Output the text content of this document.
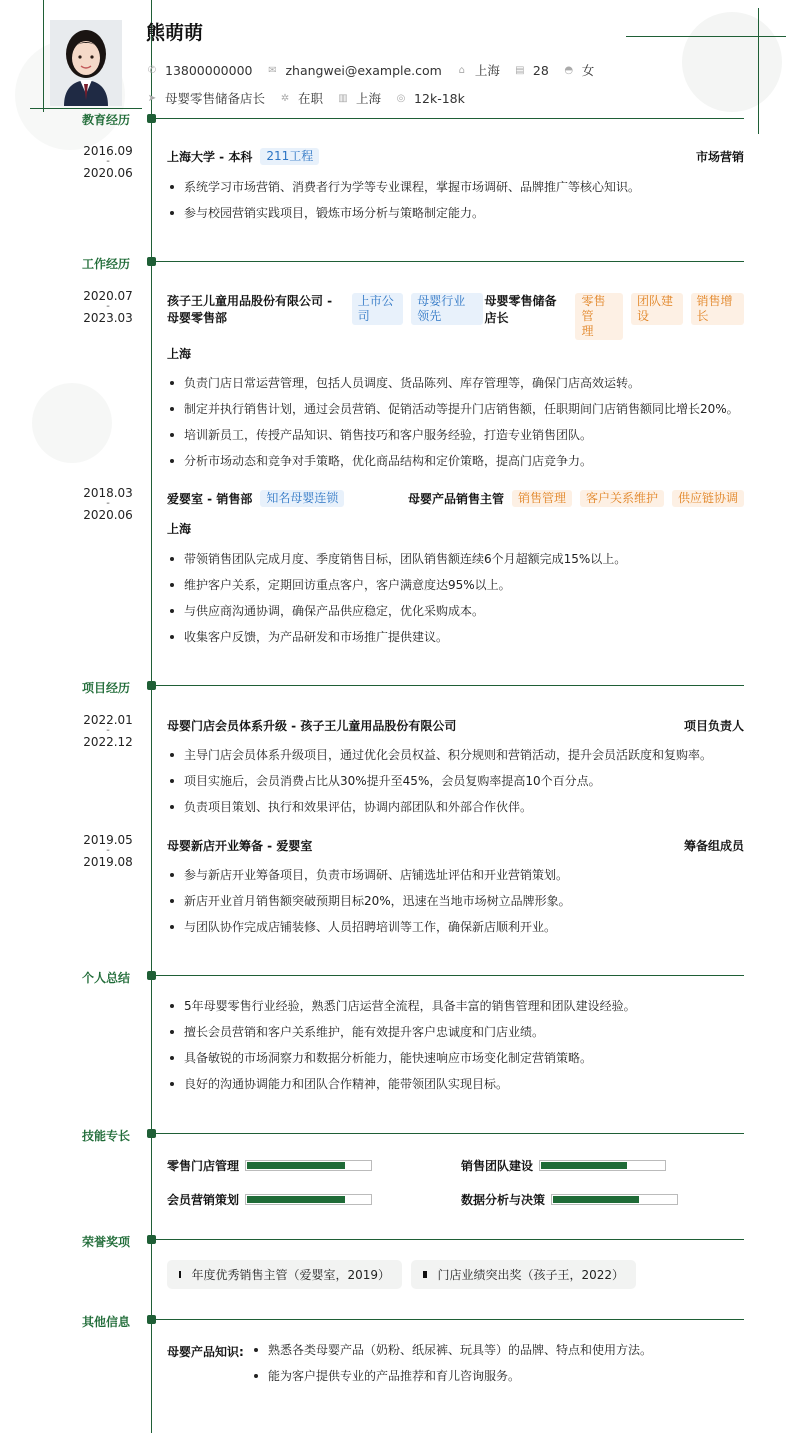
熊萌萌
✆ 13800000000 ✉ zhangwei@example.com ⌂ 上海 ▤ 28 ◓ 女
➤ 母婴零售储备店长 ✲ 在职 ▥ 上海 ◎ 12k-18k
教育经历
2016.09
-
2020.06
上海大学 - 本科	211工程	市场营销
系统学习市场营销、消费者行为学等专业课程，掌握市场调研、品牌推广等核心知识。
参与校园营销实践项目，锻炼市场分析与策略制定能力。
工作经历
2020.07
-
2023.03
孩子王儿童用品股份有限公司 -
母婴零售部
上市公
司
母婴行业
领先
母婴零售储备
店长
零售管
理
团队建
设
销售增
长
上海
负责门店日常运营管理，包括人员调度、货品陈列、库存管理等，确保门店高效运转。
制定并执行销售计划，通过会员营销、促销活动等提升门店销售额，任职期间门店销售额同比增长20%。
培训新员工，传授产品知识、销售技巧和客户服务经验，打造专业销售团队。
分析市场动态和竞争对手策略，优化商品结构和定价策略，提高门店竞争力。
2018.03
-
2020.06
爱婴室 - 销售部	知名母婴连锁	母婴产品销售主管	销售管理	客户关系维护	供应链协调
上海
带领销售团队完成月度、季度销售目标，团队销售额连续6个月超额完成15%以上。
维护客户关系，定期回访重点客户，客户满意度达95%以上。
与供应商沟通协调，确保产品供应稳定，优化采购成本。
收集客户反馈，为产品研发和市场推广提供建议。
项目经历
2022.01
-
2022.12
母婴门店会员体系升级 - 孩子王儿童用品股份有限公司	项目负责人
主导门店会员体系升级项目，通过优化会员权益、积分规则和营销活动，提升会员活跃度和复购率。
项目实施后，会员消费占比从30%提升至45%，会员复购率提高10个百分点。
负责项目策划、执行和效果评估，协调内部团队和外部合作伙伴。
2019.05
-
2019.08
母婴新店开业筹备 - 爱婴室	筹备组成员
参与新店开业筹备项目，负责市场调研、店铺选址评估和开业营销策划。
新店开业首月销售额突破预期目标20%，迅速在当地市场树立品牌形象。
与团队协作完成店铺装修、人员招聘培训等工作，确保新店顺利开业。
个人总结
5年母婴零售行业经验，熟悉门店运营全流程，具备丰富的销售管理和团队建设经验。
擅长会员营销和客户关系维护，能有效提升客户忠诚度和门店业绩。
具备敏锐的市场洞察力和数据分析能力，能快速响应市场变化制定营销策略。
良好的沟通协调能力和团队合作精神，能带领团队实现目标。
技能专长
零售门店管理	销售团队建设
会员营销策划	数据分析与决策
荣誉奖项
年度优秀销售主管（爱婴室，2019）	门店业绩突出奖（孩子王，2022）
其他信息
母婴产品知识:	熟悉各类母婴产品（奶粉、纸尿裤、玩具等）的品牌、特点和使用方法。
能为客户提供专业的产品推荐和育儿咨询服务。
